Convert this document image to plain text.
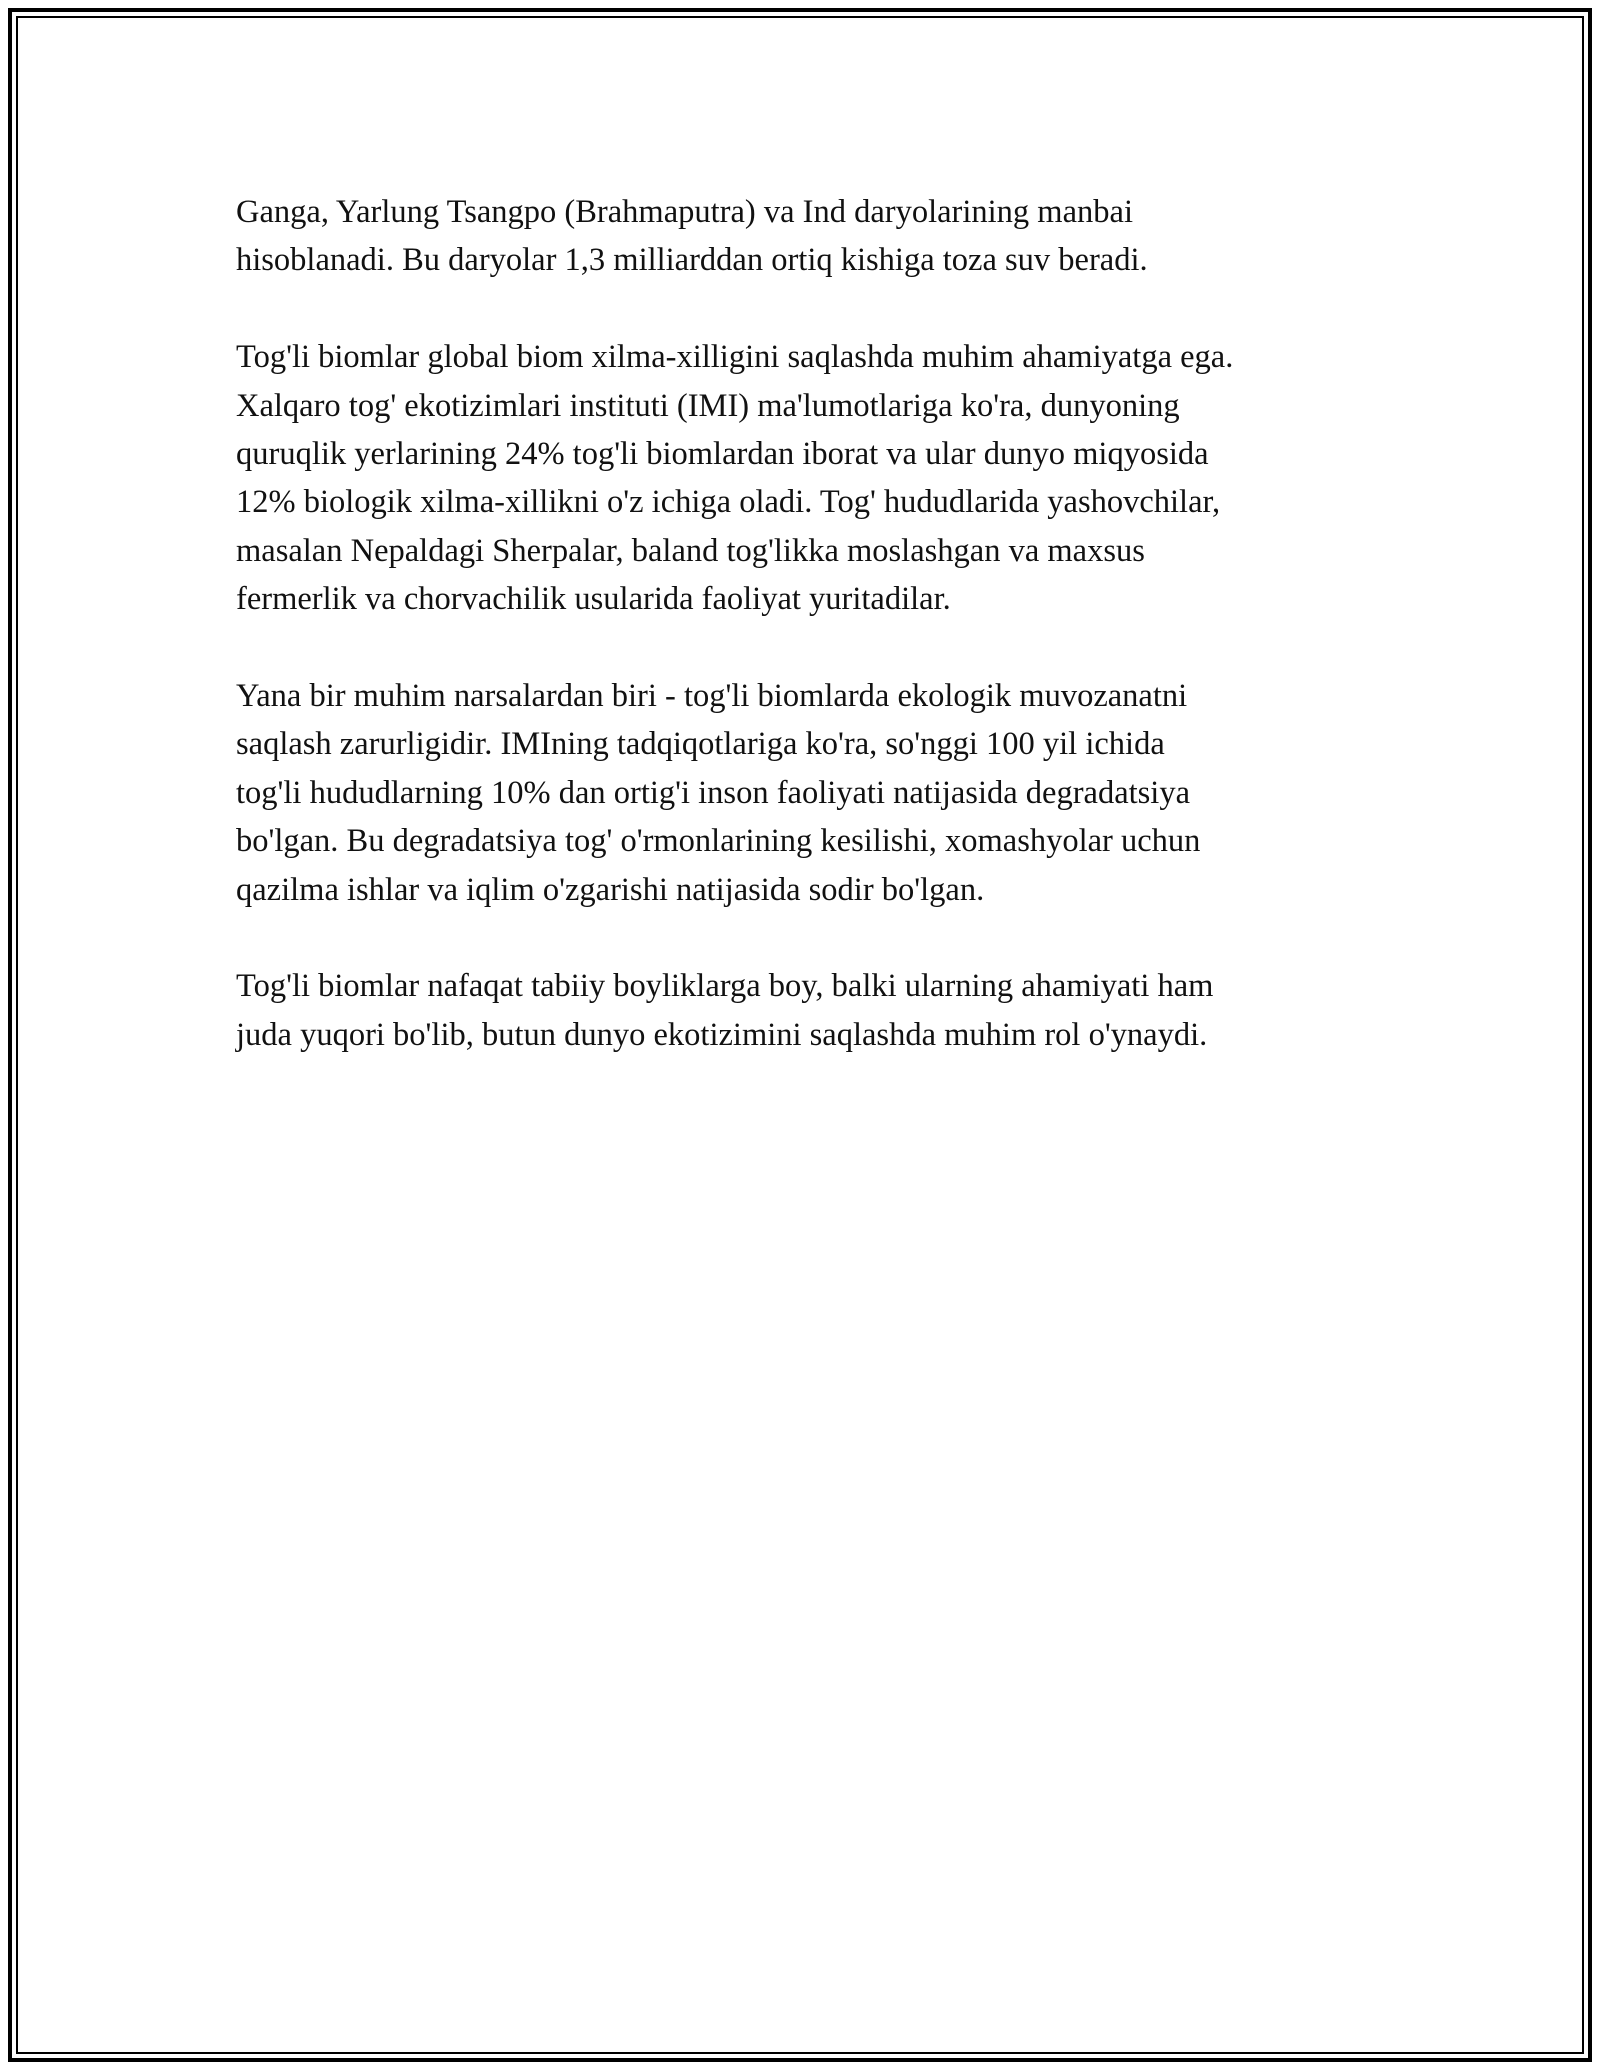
Ganga, Yarlung Tsangpo (Brahmaputra) va Ind daryolarining manbai
hisoblanadi. Bu daryolar 1,3 milliarddan ortiq kishiga toza suv beradi.

Tog'li biomlar global biom xilma-xilligini saqlashda muhim ahamiyatga ega.
Xalqaro tog' ekotizimlari instituti (IMI) ma'lumotlariga ko'ra, dunyoning
quruqlik yerlarining 24% tog'li biomlardan iborat va ular dunyo miqyosida
12% biologik xilma-xillikni o'z ichiga oladi. Tog' hududlarida yashovchilar,
masalan Nepaldagi Sherpalar, baland tog'likka moslashgan va maxsus
fermerlik va chorvachilik usularida faoliyat yuritadilar.

Yana bir muhim narsalardan biri - tog'li biomlarda ekologik muvozanatni
saqlash zarurligidir. IMIning tadqiqotlariga ko'ra, so'nggi 100 yil ichida
tog'li hududlarning 10% dan ortig'i inson faoliyati natijasida degradatsiya
bo'lgan. Bu degradatsiya tog' o'rmonlarining kesilishi, xomashyolar uchun
qazilma ishlar va iqlim o'zgarishi natijasida sodir bo'lgan.

Tog'li biomlar nafaqat tabiiy boyliklarga boy, balki ularning ahamiyati ham
juda yuqori bo'lib, butun dunyo ekotizimini saqlashda muhim rol o'ynaydi.
